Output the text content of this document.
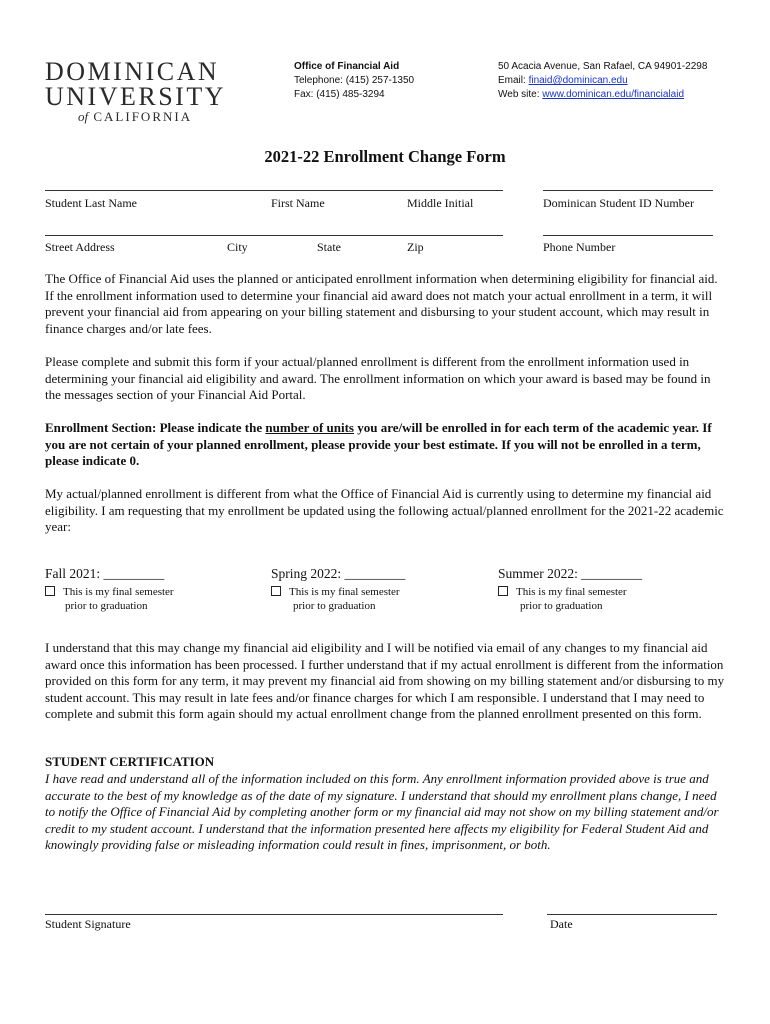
DOMINICAN
UNIVERSITY
of CALIFORNIA
Office of Financial Aid
Telephone: (415) 257-1350
Fax: (415) 485-3294
50 Acacia Avenue, San Rafael, CA 94901-2298
Email: finaid@dominican.edu
Web site: www.dominican.edu/financialaid
2021-22 Enrollment Change Form
Student Last Name	First Name	Middle Initial	Dominican Student ID Number
Street Address	City	State	Zip	Phone Number
The Office of Financial Aid uses the planned or anticipated enrollment information when determining eligibility for financial aid. If the enrollment information used to determine your financial aid award does not match your actual enrollment in a term, it will prevent your financial aid from appearing on your billing statement and disbursing to your student account, which may result in finance charges and/or late fees.
Please complete and submit this form if your actual/planned enrollment is different from the enrollment information used in determining your financial aid eligibility and award. The enrollment information on which your award is based may be found in the messages section of your Financial Aid Portal.
Enrollment Section: Please indicate the number of units you are/will be enrolled in for each term of the academic year. If you are not certain of your planned enrollment, please provide your best estimate. If you will not be enrolled in a term, please indicate 0.
My actual/planned enrollment is different from what the Office of Financial Aid is currently using to determine my financial aid eligibility. I am requesting that my enrollment be updated using the following actual/planned enrollment for the 2021-22 academic year:
Fall 2021: _________
This is my final semester
prior to graduation
Spring 2022: _________
This is my final semester
prior to graduation
Summer 2022: _________
This is my final semester
prior to graduation
I understand that this may change my financial aid eligibility and I will be notified via email of any changes to my financial aid award once this information has been processed. I further understand that if my actual enrollment is different from the information provided on this form for any term, it may prevent my financial aid from showing on my billing statement and/or disbursing to my student account. This may result in late fees and/or finance charges for which I am responsible. I understand that I may need to complete and submit this form again should my actual enrollment change from the planned enrollment presented on this form.
STUDENT CERTIFICATION
I have read and understand all of the information included on this form. Any enrollment information provided above is true and accurate to the best of my knowledge as of the date of my signature. I understand that should my enrollment plans change, I need to notify the Office of Financial Aid by completing another form or my financial aid may not show on my billing statement and/or credit to my student account. I understand that the information presented here affects my eligibility for Federal Student Aid and knowingly providing false or misleading information could result in fines, imprisonment, or both.
Student Signature	Date
